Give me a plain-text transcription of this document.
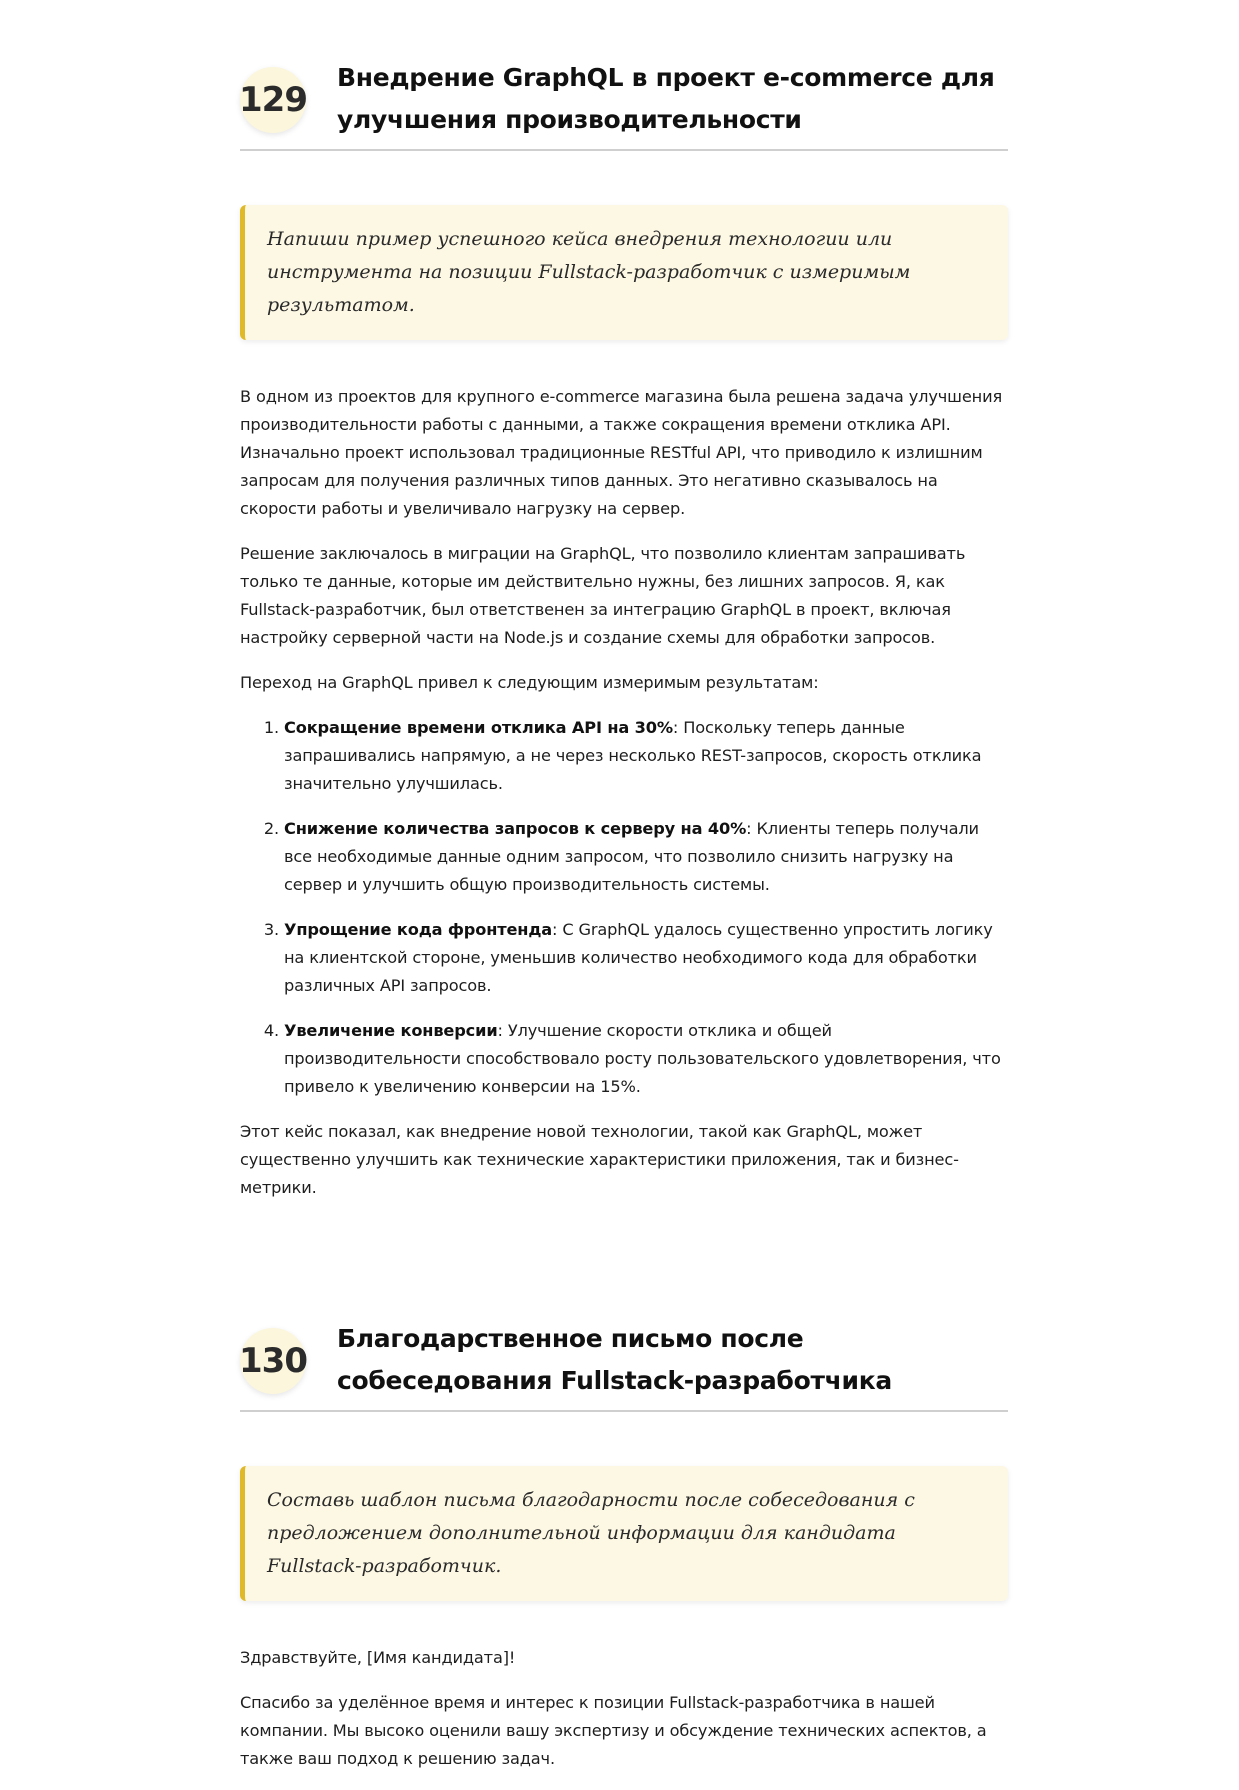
129
Внедрение GraphQL в проект e-commerce для улучшения производительности
Напиши пример успешного кейса внедрения технологии или инструмента на позиции Fullstack-разработчик с измеримым результатом.

В одном из проектов для крупного e-commerce магазина была решена задача улучшения производительности работы с данными, а также сокращения времени отклика API. Изначально проект использовал традиционные RESTful API, что приводило к излишним запросам для получения различных типов данных. Это негативно сказывалось на скорости работы и увеличивало нагрузку на сервер.

Решение заключалось в миграции на GraphQL, что позволило клиентам запрашивать только те данные, которые им действительно нужны, без лишних запросов. Я, как Fullstack-разработчик, был ответственен за интеграцию GraphQL в проект, включая настройку серверной части на Node.js и создание схемы для обработки запросов.

Переход на GraphQL привел к следующим измеримым результатам:

1. Сокращение времени отклика API на 30%: Поскольку теперь данные запрашивались напрямую, а не через несколько REST-запросов, скорость отклика значительно улучшилась.
2. Снижение количества запросов к серверу на 40%: Клиенты теперь получали все необходимые данные одним запросом, что позволило снизить нагрузку на сервер и улучшить общую производительность системы.
3. Упрощение кода фронтенда: С GraphQL удалось существенно упростить логику на клиентской стороне, уменьшив количество необходимого кода для обработки различных API запросов.
4. Увеличение конверсии: Улучшение скорости отклика и общей производительности способствовало росту пользовательского удовлетворения, что привело к увеличению конверсии на 15%.

Этот кейс показал, как внедрение новой технологии, такой как GraphQL, может существенно улучшить как технические характеристики приложения, так и бизнес-метрики.

130
Благодарственное письмо после собеседования Fullstack-разработчика
Составь шаблон письма благодарности после собеседования с предложением дополнительной информации для кандидата Fullstack-разработчик.

Здравствуйте, [Имя кандидата]!

Спасибо за уделённое время и интерес к позиции Fullstack-разработчика в нашей компании. Мы высоко оценили вашу экспертизу и обсуждение технических аспектов, а также ваш подход к решению задач.
